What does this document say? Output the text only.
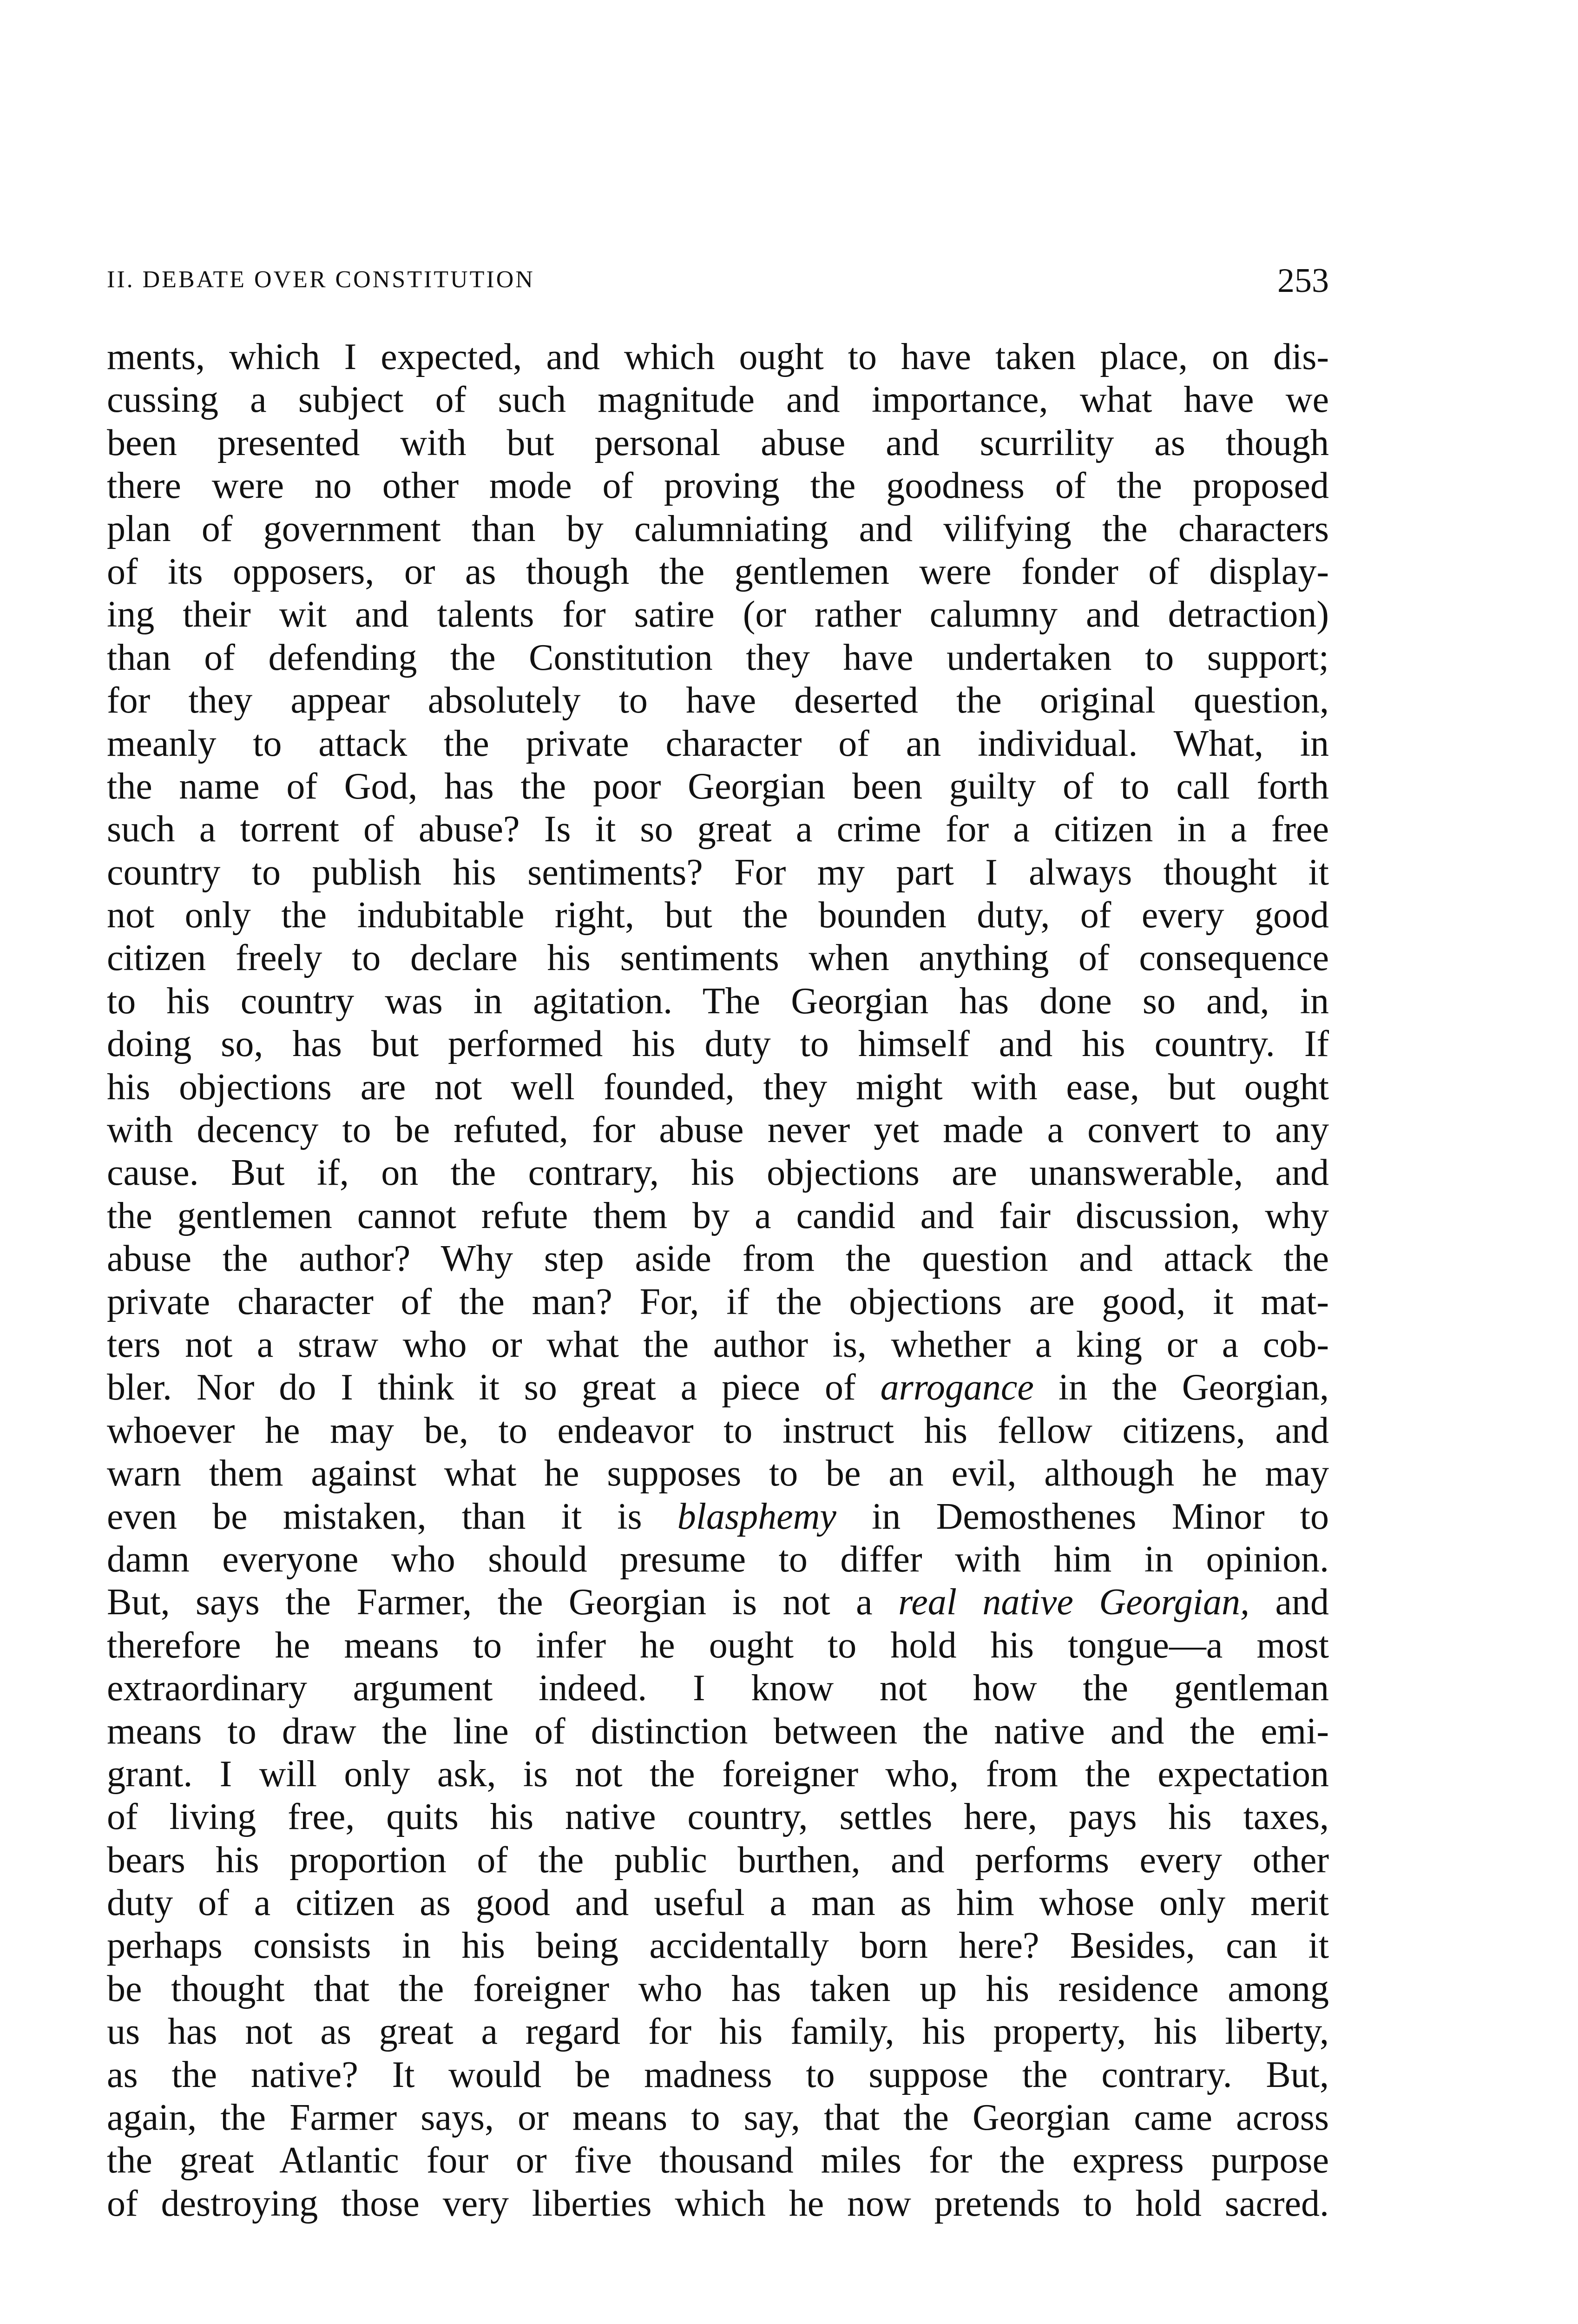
II. DEBATE OVER CONSTITUTION	253
ments, which I expected, and which ought to have taken place, on dis-
cussing a subject of such magnitude and importance, what have we
been presented with but personal abuse and scurrility as though
there were no other mode of proving the goodness of the proposed
plan of government than by calumniating and vilifying the characters
of its opposers, or as though the gentlemen were fonder of display-
ing their wit and talents for satire (or rather calumny and detraction)
than of defending the Constitution they have undertaken to support;
for they appear absolutely to have deserted the original question,
meanly to attack the private character of an individual. What, in
the name of God, has the poor Georgian been guilty of to call forth
such a torrent of abuse? Is it so great a crime for a citizen in a free
country to publish his sentiments? For my part I always thought it
not only the indubitable right, but the bounden duty, of every good
citizen freely to declare his sentiments when anything of consequence
to his country was in agitation. The Georgian has done so and, in
doing so, has but performed his duty to himself and his country. If
his objections are not well founded, they might with ease, but ought
with decency to be refuted, for abuse never yet made a convert to any
cause. But if, on the contrary, his objections are unanswerable, and
the gentlemen cannot refute them by a candid and fair discussion, why
abuse the author? Why step aside from the question and attack the
private character of the man? For, if the objections are good, it mat-
ters not a straw who or what the author is, whether a king or a cob-
bler. Nor do I think it so great a piece of arrogance in the Georgian,
whoever he may be, to endeavor to instruct his fellow citizens, and
warn them against what he supposes to be an evil, although he may
even be mistaken, than it is blasphemy in Demosthenes Minor to
damn everyone who should presume to differ with him in opinion.
But, says the Farmer, the Georgian is not a real native Georgian, and
therefore he means to infer he ought to hold his tongue—a most
extraordinary argument indeed. I know not how the gentleman
means to draw the line of distinction between the native and the emi-
grant. I will only ask, is not the foreigner who, from the expectation
of living free, quits his native country, settles here, pays his taxes,
bears his proportion of the public burthen, and performs every other
duty of a citizen as good and useful a man as him whose only merit
perhaps consists in his being accidentally born here? Besides, can it
be thought that the foreigner who has taken up his residence among
us has not as great a regard for his family, his property, his liberty,
as the native? It would be madness to suppose the contrary. But,
again, the Farmer says, or means to say, that the Georgian came across
the great Atlantic four or five thousand miles for the express purpose
of destroying those very liberties which he now pretends to hold sacred.
